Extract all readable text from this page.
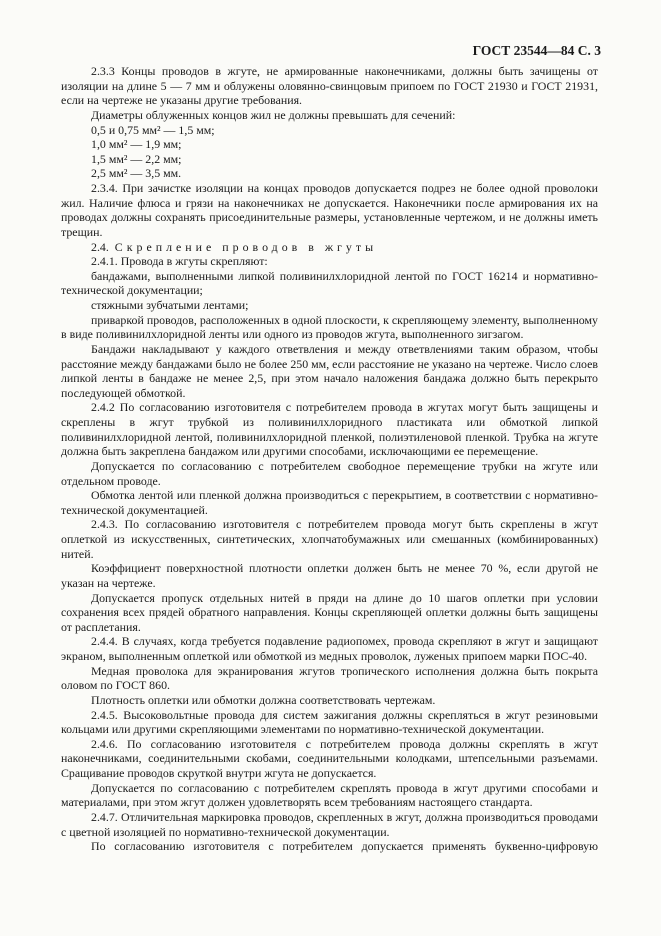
ГОСТ 23544—84 С. 3

2.3.3 Концы проводов в жгуте, не армированные наконечниками, должны быть зачищены от изоляции на длине 5 — 7 мм и облужены оловянно-свинцовым припоем по ГОСТ 21930 и ГОСТ 21931, если на чертеже не указаны другие требования.

Диаметры облуженных концов жил не должны превышать для сечений:

0,5 и 0,75 мм² — 1,5 мм;

1,0 мм² — 1,9 мм;

1,5 мм² — 2,2 мм;

2,5 мм² — 3,5 мм.

2.3.4. При зачистке изоляции на концах проводов допускается подрез не более одной проволоки жил. Наличие флюса и грязи на наконечниках не допускается. Наконечники после армирования их на проводах должны сохранять присоединительные размеры, установленные чертежом, и не должны иметь трещин.

2.4. Скрепление проводов в жгуты

2.4.1. Провода в жгуты скрепляют:

бандажами, выполненными липкой поливинилхлоридной лентой по ГОСТ 16214 и нормативно-технической документации;

стяжными зубчатыми лентами;

приваркой проводов, расположенных в одной плоскости, к скрепляющему элементу, выполненному в виде поливинилхлоридной ленты или одного из проводов жгута, выполненного зигзагом.

Бандажи накладывают у каждого ответвления и между ответвлениями таким образом, чтобы расстояние между бандажами было не более 250 мм, если расстояние не указано на чертеже. Число слоев липкой ленты в бандаже не менее 2,5, при этом начало наложения бандажа должно быть перекрыто последующей обмоткой.

2.4.2 По согласованию изготовителя с потребителем провода в жгутах могут быть защищены и скреплены в жгут трубкой из поливинилхлоридного пластиката или обмоткой липкой поливинилхлоридной лентой, поливинилхлоридной пленкой, полиэтиленовой пленкой. Трубка на жгуте должна быть закреплена бандажом или другими способами, исключающими ее перемещение.

Допускается по согласованию с потребителем свободное перемещение трубки на жгуте или отдельном проводе.

Обмотка лентой или пленкой должна производиться с перекрытием, в соответствии с нормативно-технической документацией.

2.4.3. По согласованию изготовителя с потребителем провода могут быть скреплены в жгут оплеткой из искусственных, синтетических, хлопчатобумажных или смешанных (комбинированных) нитей.

Коэффициент поверхностной плотности оплетки должен быть не менее 70 %, если другой не указан на чертеже.

Допускается пропуск отдельных нитей в пряди на длине до 10 шагов оплетки при условии сохранения всех прядей обратного направления. Концы скрепляющей оплетки должны быть защищены от расплетания.

2.4.4. В случаях, когда требуется подавление радиопомех, провода скрепляют в жгут и защищают экраном, выполненным оплеткой или обмоткой из медных проволок, луженых припоем марки ПОС-40.

Медная проволока для экранирования жгутов тропического исполнения должна быть покрыта оловом по ГОСТ 860.

Плотность оплетки или обмотки должна соответствовать чертежам.

2.4.5. Высоковольтные провода для систем зажигания должны скрепляться в жгут резиновыми кольцами или другими скрепляющими элементами по нормативно-технической документации.

2.4.6. По согласованию изготовителя с потребителем провода должны скреплять в жгут наконечниками, соединительными скобами, соединительными колодками, штепсельными разъемами. Сращивание проводов скруткой внутри жгута не допускается.

Допускается по согласованию с потребителем скреплять провода в жгут другими способами и материалами, при этом жгут должен удовлетворять всем требованиям настоящего стандарта.

2.4.7. Отличительная маркировка проводов, скрепленных в жгут, должна производиться проводами с цветной изоляцией по нормативно-технической документации.

По согласованию изготовителя с потребителем допускается применять буквенно-цифровую
